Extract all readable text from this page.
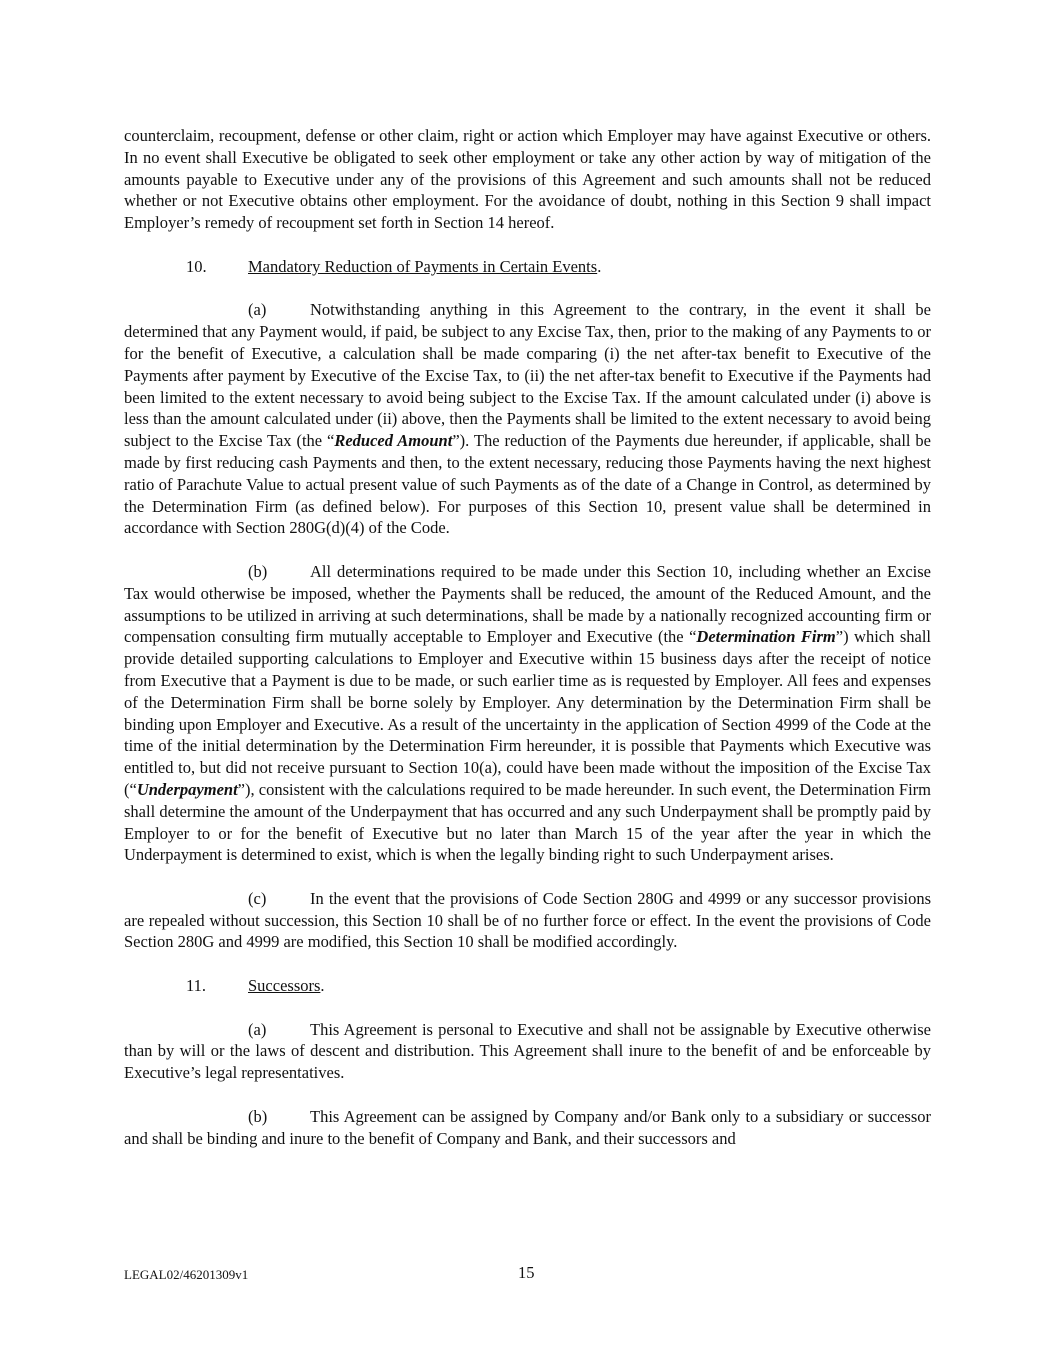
counterclaim, recoupment, defense or other claim, right or action which Employer may have against Executive or others. In no event shall Executive be obligated to seek other employment or take any other action by way of mitigation of the amounts payable to Executive under any of the provisions of this Agreement and such amounts shall not be reduced whether or not Executive obtains other employment. For the avoidance of doubt, nothing in this Section 9 shall impact Employer’s remedy of recoupment set forth in Section 14 hereof.

10.	Mandatory Reduction of Payments in Certain Events.

(a)	Notwithstanding anything in this Agreement to the contrary, in the event it shall be determined that any Payment would, if paid, be subject to any Excise Tax, then, prior to the making of any Payments to or for the benefit of Executive, a calculation shall be made comparing (i) the net after-tax benefit to Executive of the Payments after payment by Executive of the Excise Tax, to (ii) the net after-tax benefit to Executive if the Payments had been limited to the extent necessary to avoid being subject to the Excise Tax. If the amount calculated under (i) above is less than the amount calculated under (ii) above, then the Payments shall be limited to the extent necessary to avoid being subject to the Excise Tax (the “Reduced Amount”). The reduction of the Payments due hereunder, if applicable, shall be made by first reducing cash Payments and then, to the extent necessary, reducing those Payments having the next highest ratio of Parachute Value to actual present value of such Payments as of the date of a Change in Control, as determined by the Determination Firm (as defined below). For purposes of this Section 10, present value shall be determined in accordance with Section 280G(d)(4) of the Code.

(b)	All determinations required to be made under this Section 10, including whether an Excise Tax would otherwise be imposed, whether the Payments shall be reduced, the amount of the Reduced Amount, and the assumptions to be utilized in arriving at such determinations, shall be made by a nationally recognized accounting firm or compensation consulting firm mutually acceptable to Employer and Executive (the “Determination Firm”) which shall provide detailed supporting calculations to Employer and Executive within 15 business days after the receipt of notice from Executive that a Payment is due to be made, or such earlier time as is requested by Employer. All fees and expenses of the Determination Firm shall be borne solely by Employer. Any determination by the Determination Firm shall be binding upon Employer and Executive. As a result of the uncertainty in the application of Section 4999 of the Code at the time of the initial determination by the Determination Firm hereunder, it is possible that Payments which Executive was entitled to, but did not receive pursuant to Section 10(a), could have been made without the imposition of the Excise Tax (“Underpayment”), consistent with the calculations required to be made hereunder. In such event, the Determination Firm shall determine the amount of the Underpayment that has occurred and any such Underpayment shall be promptly paid by Employer to or for the benefit of Executive but no later than March 15 of the year after the year in which the Underpayment is determined to exist, which is when the legally binding right to such Underpayment arises.

(c)	In the event that the provisions of Code Section 280G and 4999 or any successor provisions are repealed without succession, this Section 10 shall be of no further force or effect. In the event the provisions of Code Section 280G and 4999 are modified, this Section 10 shall be modified accordingly.

11.	Successors.

(a)	This Agreement is personal to Executive and shall not be assignable by Executive otherwise than by will or the laws of descent and distribution. This Agreement shall inure to the benefit of and be enforceable by Executive’s legal representatives.

(b)	This Agreement can be assigned by Company and/or Bank only to a subsidiary or successor and shall be binding and inure to the benefit of Company and Bank, and their successors and

LEGAL02/46201309v1	15
